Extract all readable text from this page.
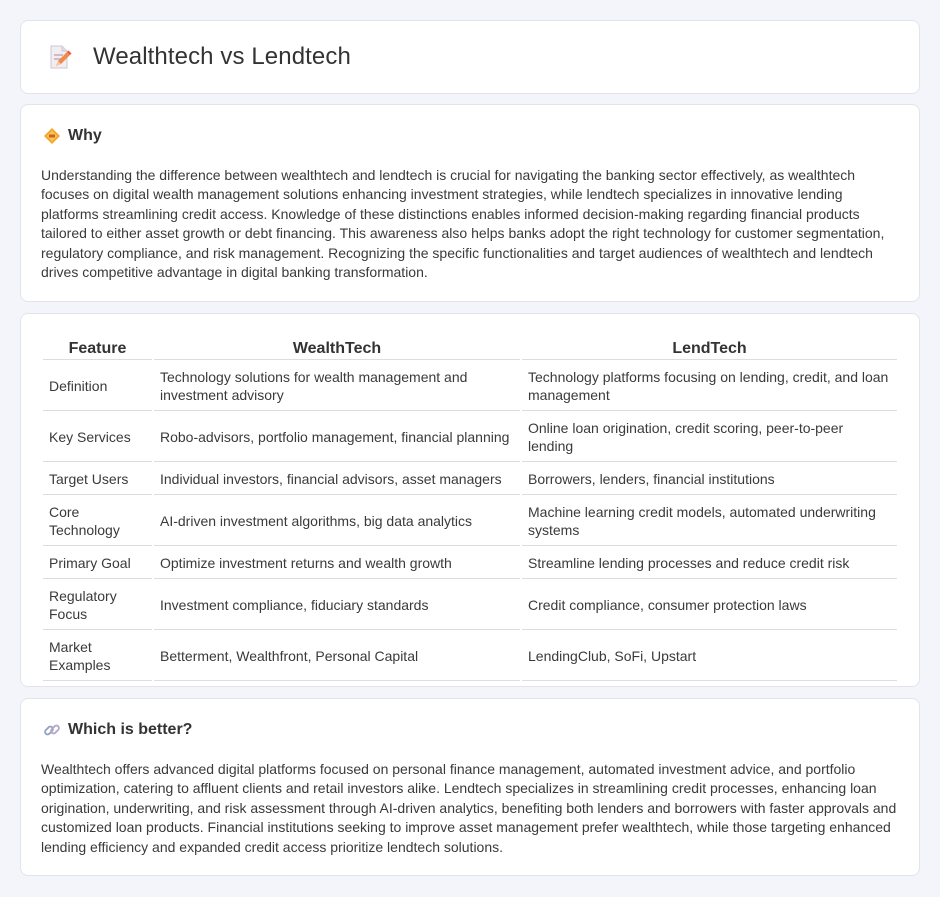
Wealthtech vs Lendtech
Why

Understanding the difference between wealthtech and lendtech is crucial for navigating the banking sector effectively, as wealthtech focuses on digital wealth management solutions enhancing investment strategies, while lendtech specializes in innovative lending platforms streamlining credit access. Knowledge of these distinctions enables informed decision-making regarding financial products tailored to either asset growth or debt financing. This awareness also helps banks adopt the right technology for customer segmentation, regulatory compliance, and risk management. Recognizing the specific functionalities and target audiences of wealthtech and lendtech drives competitive advantage in digital banking transformation.

Feature	WealthTech	LendTech
Definition	Technology solutions for wealth management and investment advisory	Technology platforms focusing on lending, credit, and loan management
Key Services	Robo-advisors, portfolio management, financial planning	Online loan origination, credit scoring, peer-to-peer lending
Target Users	Individual investors, financial advisors, asset managers	Borrowers, lenders, financial institutions
Core Technology	AI-driven investment algorithms, big data analytics	Machine learning credit models, automated underwriting systems
Primary Goal	Optimize investment returns and wealth growth	Streamline lending processes and reduce credit risk
Regulatory Focus	Investment compliance, fiduciary standards	Credit compliance, consumer protection laws
Market Examples	Betterment, Wealthfront, Personal Capital	LendingClub, SoFi, Upstart
Which is better?

Wealthtech offers advanced digital platforms focused on personal finance management, automated investment advice, and portfolio optimization, catering to affluent clients and retail investors alike. Lendtech specializes in streamlining credit processes, enhancing loan origination, underwriting, and risk assessment through AI-driven analytics, benefiting both lenders and borrowers with faster approvals and customized loan products. Financial institutions seeking to improve asset management prefer wealthtech, while those targeting enhanced lending efficiency and expanded credit access prioritize lendtech solutions.
